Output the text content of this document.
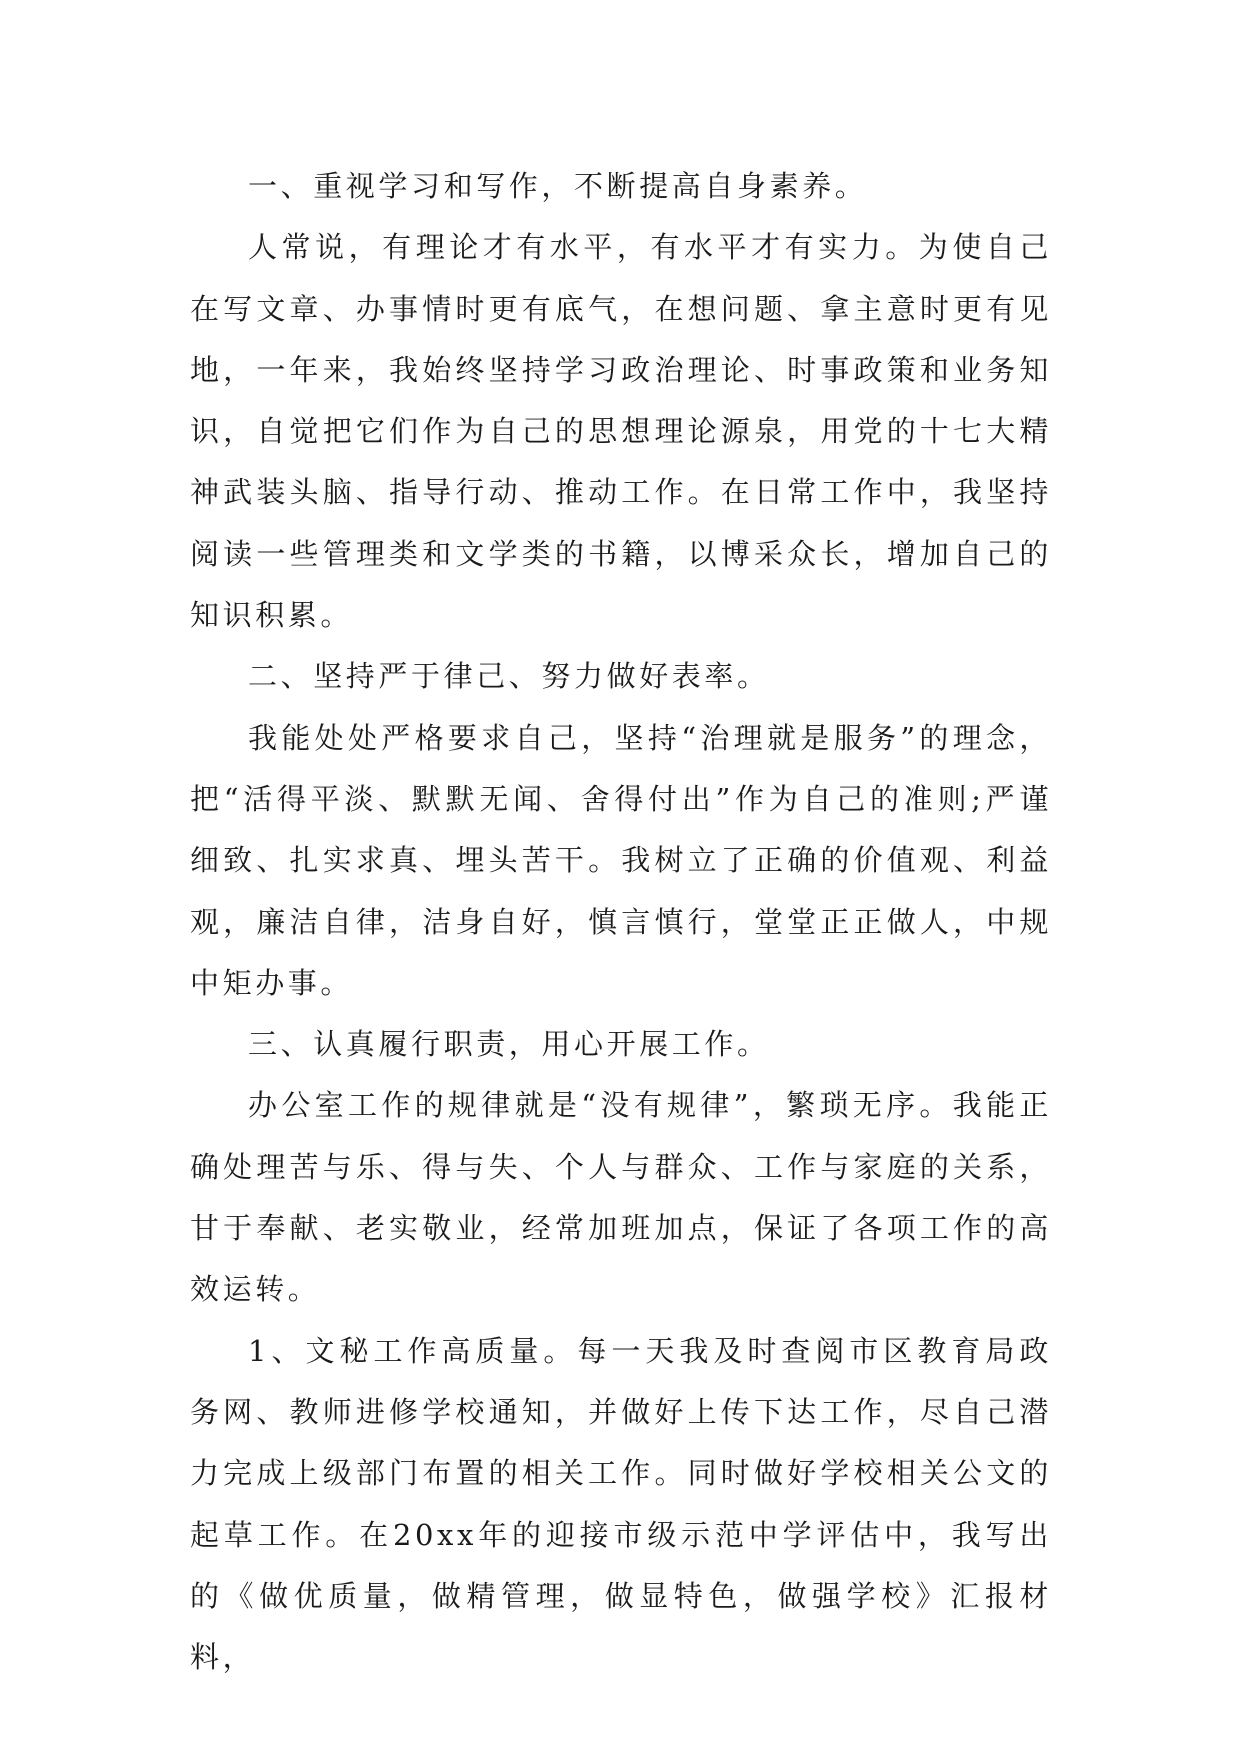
一、重视学习和写作，不断提高自身素养。

人常说，有理论才有水平，有水平才有实力。为使自己在写文章、办事情时更有底气，在想问题、拿主意时更有见地，一年来，我始终坚持学习政治理论、时事政策和业务知识，自觉把它们作为自己的思想理论源泉，用党的十七大精神武装头脑、指导行动、推动工作。在日常工作中，我坚持阅读一些管理类和文学类的书籍，以博采众长，增加自己的知识积累。

二、坚持严于律己、努力做好表率。

我能处处严格要求自己，坚持“治理就是服务”的理念，把“活得平淡、默默无闻、舍得付出”作为自己的准则;严谨细致、扎实求真、埋头苦干。我树立了正确的价值观、利益观，廉洁自律，洁身自好，慎言慎行，堂堂正正做人，中规中矩办事。

三、认真履行职责，用心开展工作。

办公室工作的规律就是“没有规律”，繁琐无序。我能正确处理苦与乐、得与失、个人与群众、工作与家庭的关系，甘于奉献、老实敬业，经常加班加点，保证了各项工作的高效运转。

1、文秘工作高质量。每一天我及时查阅市区教育局政务网、教师进修学校通知，并做好上传下达工作，尽自己潜力完成上级部门布置的相关工作。同时做好学校相关公文的起草工作。在20xx年的迎接市级示范中学评估中，我写出的《做优质量，做精管理，做显特色，做强学校》汇报材料，
